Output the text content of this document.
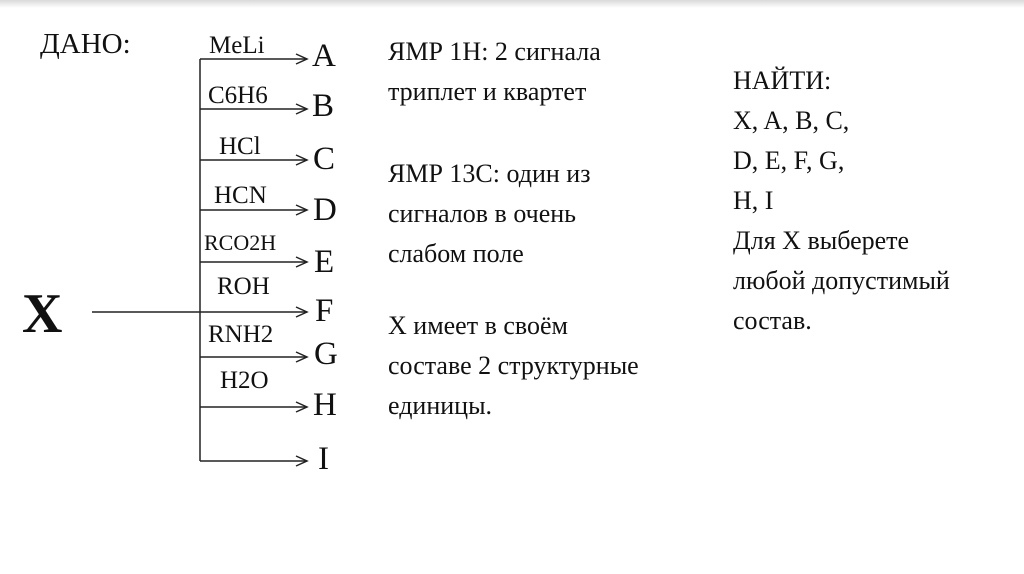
ДАНО:
X
MeLi
C6H6
HCl
HCN
RCO2H
ROH
RNH2
H2O
A
B
C
D
E
F
G
H
I
ЯМР 1Н: 2 сигнала
триплет и квартет
ЯМР 13С: один из
сигналов в очень
слабом поле
X имеет в своём
составе 2 структурные
единицы.
НАЙТИ:
X, A, B, C,
D, E, F, G,
H, I
Для X выберете
любой допустимый
состав.
